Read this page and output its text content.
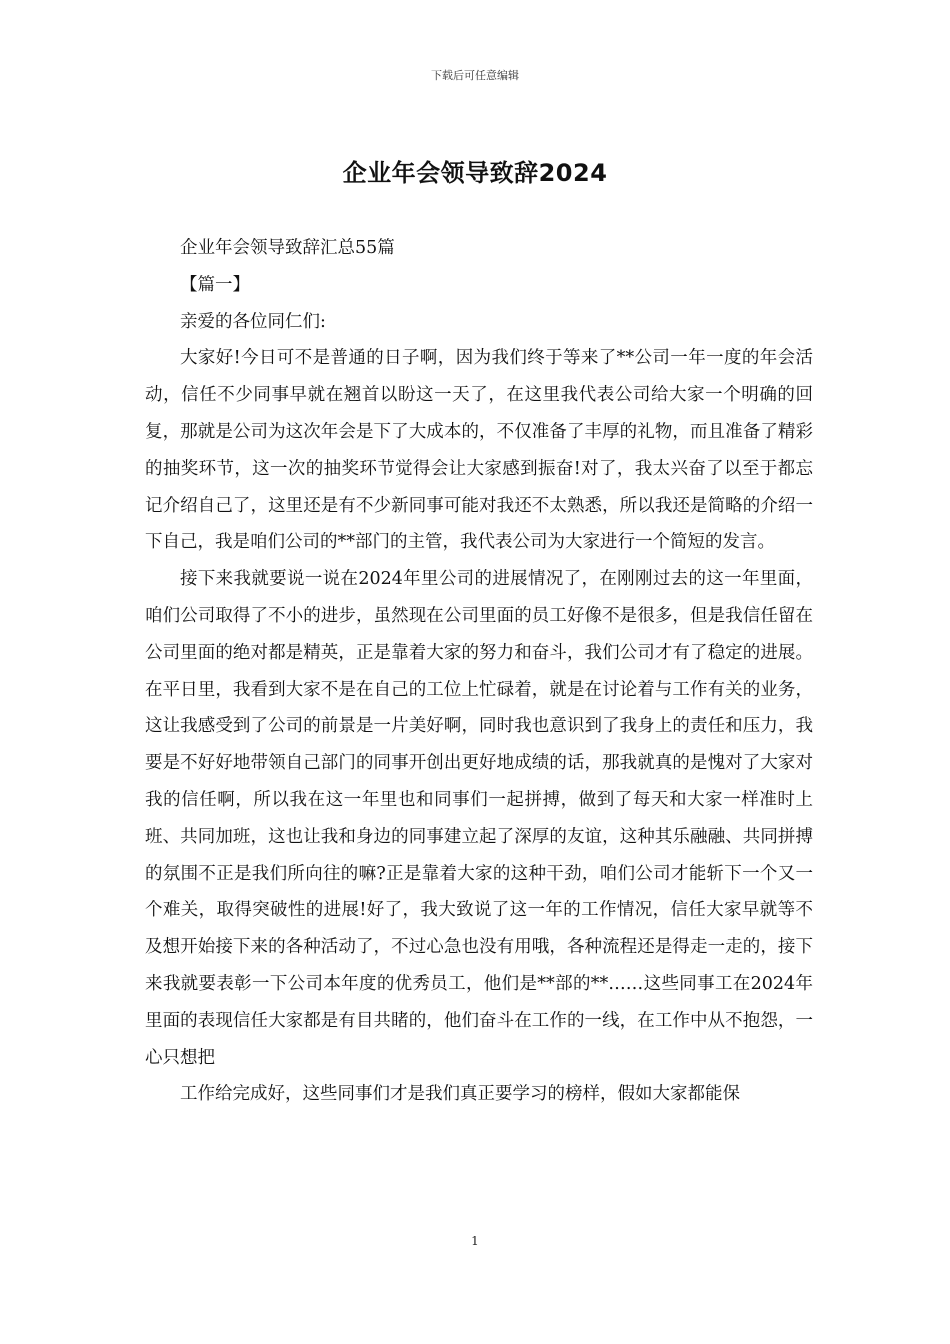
下载后可任意编辑
企业年会领导致辞2024

企业年会领导致辞汇总55篇

【篇一】

亲爱的各位同仁们:

大家好!今日可不是普通的日子啊，因为我们终于等来了**公司一年一度的年会活动，信任不少同事早就在翘首以盼这一天了，在这里我代表公司给大家一个明确的回复，那就是公司为这次年会是下了大成本的，不仅准备了丰厚的礼物，而且准备了精彩的抽奖环节，这一次的抽奖环节觉得会让大家感到振奋!对了，我太兴奋了以至于都忘记介绍自己了，这里还是有不少新同事可能对我还不太熟悉，所以我还是简略的介绍一下自己，我是咱们公司的**部门的主管，我代表公司为大家进行一个简短的发言。

接下来我就要说一说在2024年里公司的进展情况了，在刚刚过去的这一年里面，咱们公司取得了不小的进步，虽然现在公司里面的员工好像不是很多，但是我信任留在公司里面的绝对都是精英，正是靠着大家的努力和奋斗，我们公司才有了稳定的进展。在平日里，我看到大家不是在自己的工位上忙碌着，就是在讨论着与工作有关的业务，这让我感受到了公司的前景是一片美好啊，同时我也意识到了我身上的责任和压力，我要是不好好地带领自己部门的同事开创出更好地成绩的话，那我就真的是愧对了大家对我的信任啊，所以我在这一年里也和同事们一起拼搏，做到了每天和大家一样准时上班、共同加班，这也让我和身边的同事建立起了深厚的友谊，这种其乐融融、共同拼搏的氛围不正是我们所向往的嘛?正是靠着大家的这种干劲，咱们公司才能斩下一个又一个难关，取得突破性的进展!好了，我大致说了这一年的工作情况，信任大家早就等不及想开始接下来的各种活动了，不过心急也没有用哦，各种流程还是得走一走的，接下来我就要表彰一下公司本年度的优秀员工，他们是**部的**……这些同事工在2024年里面的表现信任大家都是有目共睹的，他们奋斗在工作的一线，在工作中从不抱怨，一心只想把

工作给完成好，这些同事们才是我们真正要学习的榜样，假如大家都能保

1
